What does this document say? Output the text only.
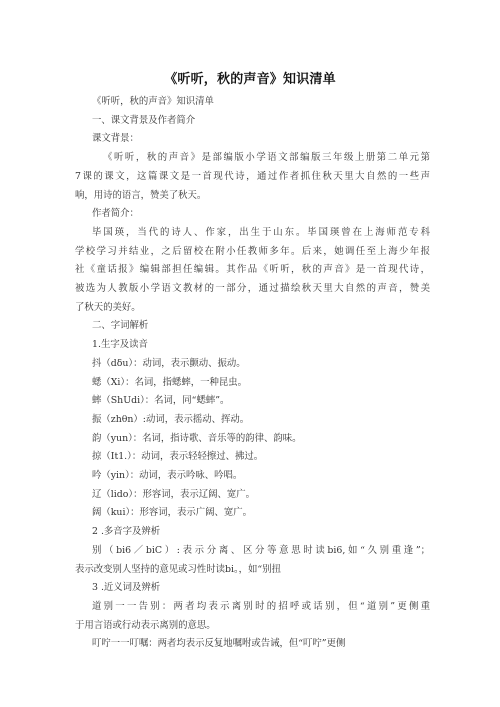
《听听，秋的声音》知识清单

《听听，秋的声音》知识清单

一、课文背景及作者简介

课文背景：

《听听，秋的声音》是部编版小学语文部编版三年级上册第二单元第

7课的课文，这篇课文是一首现代诗，通过作者抓住秋天里大自然的一些声

响，用诗的语言，赞美了秋天。

作者简介：

毕国瑛，当代的诗人、作家，出生于山东。毕国瑛曾在上海师范专科

学校学习并结业，之后留校在附小任教师多年。后来，她调任至上海少年报

社《童话报》编辑部担任编辑。其作品《听听，秋的声音》是一首现代诗，

被选为人教版小学语文教材的一部分，通过描绘秋天里大自然的声音，赞美

了秋天的美好。

二、字词解析

1.生字及读音

抖（dδu）：动词，表示颤动、振动。

蟋（Xi）：名词，指蟋蟀，一种昆虫。

蟀（ShUdi）：名词，同“蟋蟀”。

振（zhθn）:动词，表示摇动、挥动。

韵（yun）：名词，指诗歌、音乐等的韵律、韵味。

掠（It1.）：动词，表示轻轻擦过、拂过。

吟（yin）：动词，表示吟咏、吟唱。

辽（lido）：形容词，表示辽阔、宽广。

阔（kui）：形容词，表示广阔、宽广。

2 .多音字及辨析

别（bi6／biC）:表示分离、区分等意思时读bi6,如“久别重逢”；

表示改变别人坚持的意见或习性时读bi。，如“别扭

3 .近义词及辨析

道别一一告别：两者均表示离别时的招呼或话别，但“道别”更侧重

于用言语或行动表示离别的意思。

叮咛一一叮嘱：两者均表示反复地嘱咐或告诫，但“叮咛”更侧
